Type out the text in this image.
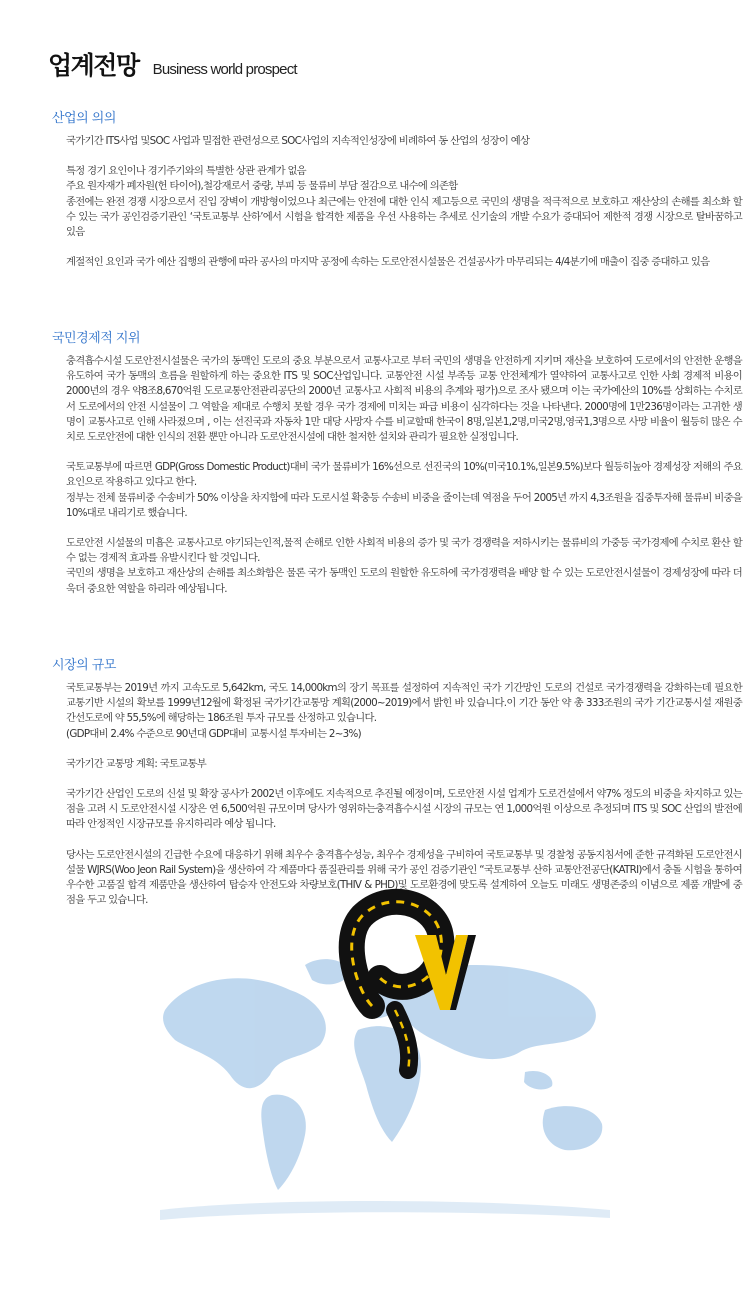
업계전망 Business world prospect
산업의 의의
국가기간 ITS사업 및SOC 사업과 밀접한 관련성으로 SOC사업의 지속적인성장에 비례하여 동 산업의 성장이 예상
특정 경기 요인이나 경기주기와의 특별한 상관 관계가 없음
주요 원자재가 폐자원(헌 타이어),철강재로서 중량, 부피 등 물류비 부담 절감으로 내수에 의존함
종전에는 완전 경쟁 시장으로서 진입 장벽이 개방형이었으나 최근에는 안전에 대한 인식 제고등으로 국민의 생명을 적극적으로 보호하고 재산상의 손해를 최소화 할 수 있는 국가 공인검증기관인 ‘국토교통부 산하’에서 시험을 합격한 제품을 우선 사용하는 추세로 신기술의 개발 수요가 증대되어 제한적 경쟁 시장으로 탈바꿈하고 있음
계절적인 요인과 국가 예산 집행의 관행에 따라 공사의 마지막 공정에 속하는 도로안전시설물은 건설공사가 마무리되는 4/4분기에 매출이 집중 증대하고 있음
국민경제적 지위
충격흡수시설 도로안전시설물은 국가의 동맥인 도로의 중요 부분으로서 교통사고로 부터 국민의 생명을 안전하게 지키며 재산을 보호하여 도로에서의 안전한 운행을 유도하여 국가 동맥의 흐름을 원할하게 하는 중요한 ITS 및 SOC산업입니다. 교통안전 시설 부족등 교통 안전체계가 열약하여 교통사고로 인한 사회 경제적 비용이 2000년의 경우 약8조8,670억원 도로교통안전관리공단의 2000년 교통사고 사회적 비용의 추계와 평가)으로 조사 됐으며 이는 국가예산의 10%를 상회하는 수치로서 도로에서의 안전 시설물이 그 역할을 제대로 수행치 못할 경우 국가 경제에 미치는 파급 비용이 심각하다는 것을 나타낸다. 2000명에 1만236명이라는 고귀한 생명이 교통사고로 인해 사라졌으며 , 이는 선진국과 자동차 1만 대당 사망자 수를 비교할때 한국이 8명,일본1,2명,미국2명,영국1,3명으로 사망 비율이 월등히 많은 수치로 도로안전에 대한 인식의 전환 뿐만 아니라 도로안전시설에 대한 철저한 설치와 관리가 필요한 실정입니다.
국토교통부에 따르면 GDP(Gross Domestic Product)대비 국가 물류비가 16%선으로 선진국의 10%(미국10.1%,일본9.5%)보다 월등히높아 경제성장 저해의 주요 요인으로 작용하고 있다고 한다.
정부는 전체 물류비중 수송비가 50% 이상을 차지함에 따라 도로시설 확충등 수송비 비중을 줄이는데 역점을 두어 2005년 까지 4,3조원을 집중투자해 물류비 비중을 10%대로 내리기로 했습니다.
도로안전 시설물의 미흡은 교통사고로 야기되는인적,물적 손해로 인한 사회적 비용의 증가 및 국가 경쟁력을 저하시키는 물류비의 가중등 국가경제에 수치로 환산 할 수 없는 경제적 효과를 유발시킨다 할 것입니다.
국민의 생명을 보호하고 재산상의 손해를 최소화함은 물론 국가 동맥인 도로의 원할한 유도하에 국가경쟁력을 배양 할 수 있는 도로안전시설물이 경제성장에 따라 더욱더 중요한 역할을 하리라 예상됩니다.
시장의 규모
국토교통부는 2019년 까지 고속도로 5,642km, 국도 14,000km의 장기 목표를 설정하여 지속적인 국가 기간망인 도로의 건설로 국가경쟁력을 강화하는데 필요한 교통기반 시설의 확보를 1999년12월에 확정된 국가기간교통망 계획(2000~2019)에서 밝힌 바 있습니다.이 기간 동안 약 총 333조원의 국가 기간교통시설 재원중 간선도로에 약 55,5%에 해당하는 186조원 투자 규모를 산정하고 있습니다.
(GDP대비 2.4% 수준으로 90년대 GDP대비 교통시설 투자비는 2~3%)
국가기간 교통망 계획: 국토교통부
국가기간 산업인 도로의 신설 및 확장 공사가 2002년 이후에도 지속적으로 추진될 예정이며, 도로안전 시설 업계가 도로건설에서 약7% 정도의 비중을 차지하고 있는 점을 고려 시 도로안전시설 시장은 연 6,500억원 규모이며 당사가 영위하는충격흡수시설 시장의 규모는 연 1,000억원 이상으로 추정되며 ITS 및 SOC 산업의 발전에 따라 안정적인 시장규모를 유지하리라 예상 됩니다.
당사는 도로안전시설의 긴급한 수요에 대응하기 위해 최우수 충격흡수성능, 최우수 경제성을 구비하여 국토교통부 및 경찰청 공동지침서에 준한 규격화된 도로안전시설물 WJRS(Woo Jeon Rail System)을 생산하여 각 제품마다 품질관리를 위해 국가 공인 검증기관인 “국토교통부 산하 교통안전공단(KATRI)에서 충돌 시험을 통하여 우수한 고품질 합격 제품만을 생산하여 탑승자 안전도와 차량보호(THIV & PHD)및 도로환경에 맞도록 설계하여 오늘도 미래도 생명존중의 이념으로 제품 개발에 중점을 두고 있습니다.
